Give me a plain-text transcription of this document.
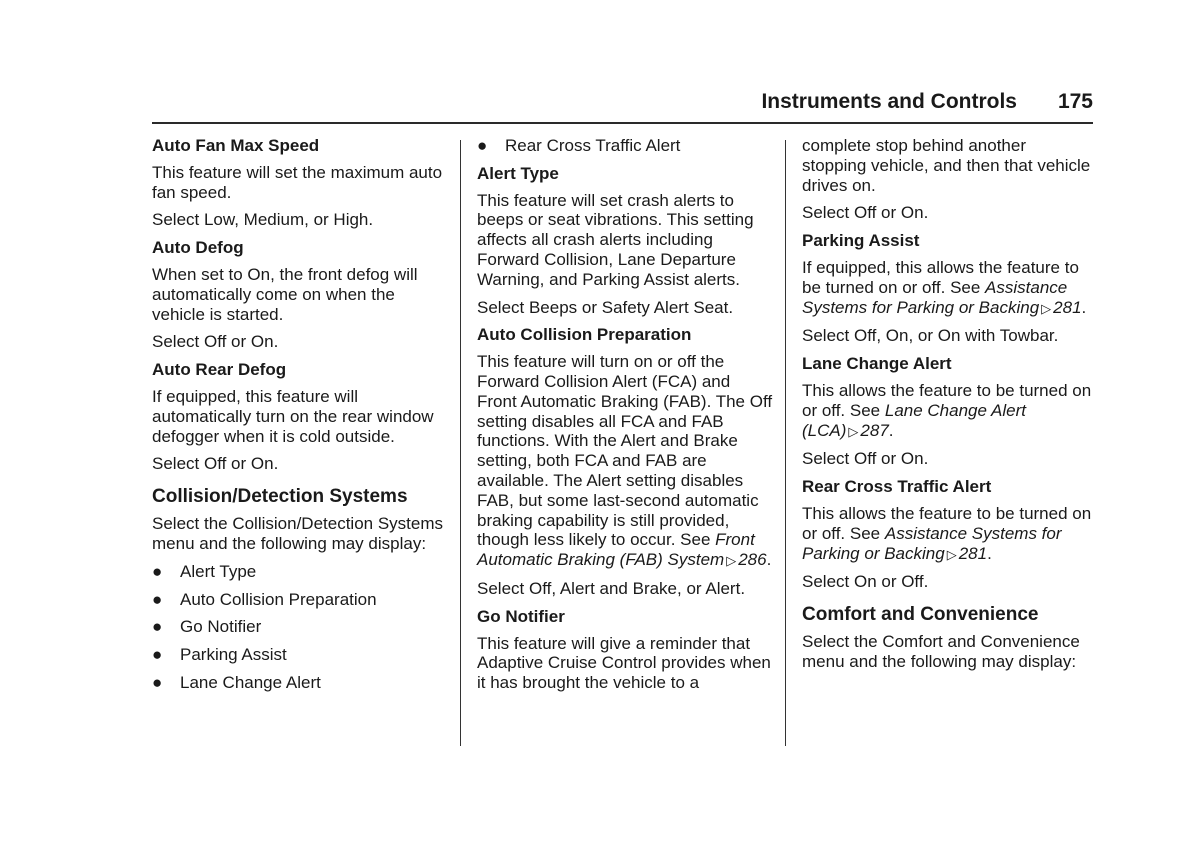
Instruments and Controls 175
Auto Fan Max Speed
This feature will set the maximum auto fan speed.
Select Low, Medium, or High.
Auto Defog
When set to On, the front defog will automatically come on when the vehicle is started.
Select Off or On.
Auto Rear Defog
If equipped, this feature will automatically turn on the rear window defogger when it is cold outside.
Select Off or On.
Collision/Detection Systems
Select the Collision/Detection Systems menu and the following may display:
● Alert Type
● Auto Collision Preparation
● Go Notifier
● Parking Assist
● Lane Change Alert
● Rear Cross Traffic Alert
Alert Type
This feature will set crash alerts to beeps or seat vibrations. This setting affects all crash alerts including Forward Collision, Lane Departure Warning, and Parking Assist alerts.
Select Beeps or Safety Alert Seat.
Auto Collision Preparation
This feature will turn on or off the Forward Collision Alert (FCA) and Front Automatic Braking (FAB). The Off setting disables all FCA and FAB functions. With the Alert and Brake setting, both FCA and FAB are available. The Alert setting disables FAB, but some last-second automatic braking capability is still provided, though less likely to occur. See Front Automatic Braking (FAB) System ▷ 286.
Select Off, Alert and Brake, or Alert.
Go Notifier
This feature will give a reminder that Adaptive Cruise Control provides when it has brought the vehicle to a
complete stop behind another stopping vehicle, and then that vehicle drives on.
Select Off or On.
Parking Assist
If equipped, this allows the feature to be turned on or off. See Assistance Systems for Parking or Backing ▷ 281.
Select Off, On, or On with Towbar.
Lane Change Alert
This allows the feature to be turned on or off. See Lane Change Alert (LCA) ▷ 287.
Select Off or On.
Rear Cross Traffic Alert
This allows the feature to be turned on or off. See Assistance Systems for Parking or Backing ▷ 281.
Select On or Off.
Comfort and Convenience
Select the Comfort and Convenience menu and the following may display:
